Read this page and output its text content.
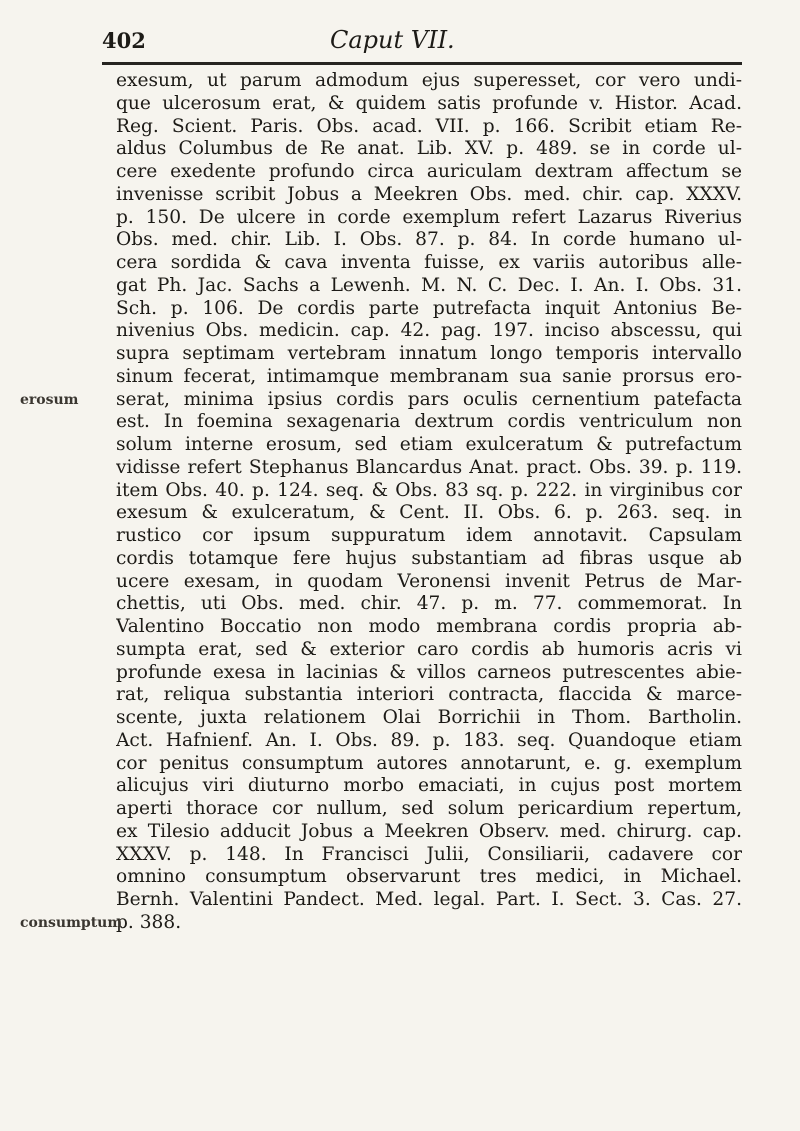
402	Caput VII.
exesum, ut parum admodum ejus superesset, cor vero undi-
que ulcerosum erat, & quidem satis profunde v. Histor. Acad.
Reg. Scient. Paris. Obs. acad. VII. p. 166. Scribit etiam Re-
aldus Columbus de Re anat. Lib. XV. p. 489. se in corde ul-
cere exedente profundo circa auriculam dextram affectum se
invenisse scribit Jobus a Meekren Obs. med. chir. cap. XXXV.
p. 150. De ulcere in corde exemplum refert Lazarus Riverius
Obs. med. chir. Lib. I. Obs. 87. p. 84. In corde humano ul-
cera sordida & cava inventa fuisse, ex variis autoribus alle-
gat Ph. Jac. Sachs a Lewenh. M. N. C. Dec. I. An. I. Obs. 31.
Sch. p. 106. De cordis parte putrefacta inquit Antonius Be-
nivenius Obs. medicin. cap. 42. pag. 197. inciso abscessu, qui
supra septimam vertebram innatum longo temporis intervallo
sinum fecerat, intimamque membranam sua sanie prorsus ero-
serat, minima ipsius cordis pars oculis cernentium patefacta
est. In foemina sexagenaria dextrum cordis ventriculum non
solum interne erosum, sed etiam exulceratum & putrefactum
vidisse refert Stephanus Blancardus Anat. pract. Obs. 39. p. 119.
item Obs. 40. p. 124. seq. & Obs. 83 sq. p. 222. in virginibus cor
exesum & exulceratum, & Cent. II. Obs. 6. p. 263. seq. in
rustico cor ipsum suppuratum idem annotavit. Capsulam
cordis totamque fere hujus substantiam ad fibras usque ab
ucere exesam, in quodam Veronensi invenit Petrus de Mar-
chettis, uti Obs. med. chir. 47. p. m. 77. commemorat. In
Valentino Boccatio non modo membrana cordis propria ab-
sumpta erat, sed & exterior caro cordis ab humoris acris vi
profunde exesa in lacinias & villos carneos putrescentes abie-
rat, reliqua substantia interiori contracta, flaccida & marce-
scente, juxta relationem Olai Borrichii in Thom. Bartholin.
Act. Hafnienf. An. I. Obs. 89. p. 183. seq. Quandoque etiam
cor penitus consumptum autores annotarunt, e. g. exemplum
alicujus viri diuturno morbo emaciati, in cujus post mortem
aperti thorace cor nullum, sed solum pericardium repertum,
ex Tilesio adducit Jobus a Meekren Observ. med. chirurg. cap.
XXXV. p. 148. In Francisci Julii, Consiliarii, cadavere cor
omnino consumptum observarunt tres medici, in Michael.
Bernh. Valentini Pandect. Med. legal. Part. I. Sect. 3. Cas. 27.
p. 388.
erosum
consumptum
